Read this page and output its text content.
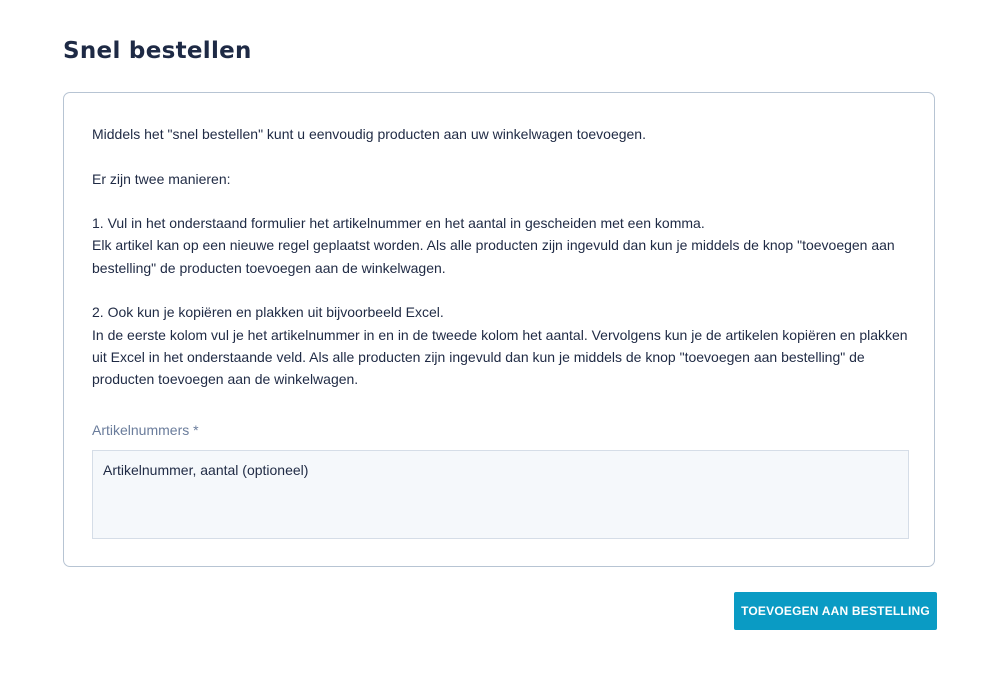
Snel bestellen

Middels het "snel bestellen" kunt u eenvoudig producten aan uw winkelwagen toevoegen.

Er zijn twee manieren:

1. Vul in het onderstaand formulier het artikelnummer en het aantal in gescheiden met een komma.
Elk artikel kan op een nieuwe regel geplaatst worden. Als alle producten zijn ingevuld dan kun je middels de knop "toevoegen aan bestelling" de producten toevoegen aan de winkelwagen.

2. Ook kun je kopiëren en plakken uit bijvoorbeeld Excel.
In de eerste kolom vul je het artikelnummer in en in de tweede kolom het aantal. Vervolgens kun je de artikelen kopiëren en plakken uit Excel in het onderstaande veld. Als alle producten zijn ingevuld dan kun je middels de knop "toevoegen aan bestelling" de producten toevoegen aan de winkelwagen.

Artikelnummers *
Artikelnummer, aantal (optioneel)
TOEVOEGEN AAN BESTELLING
